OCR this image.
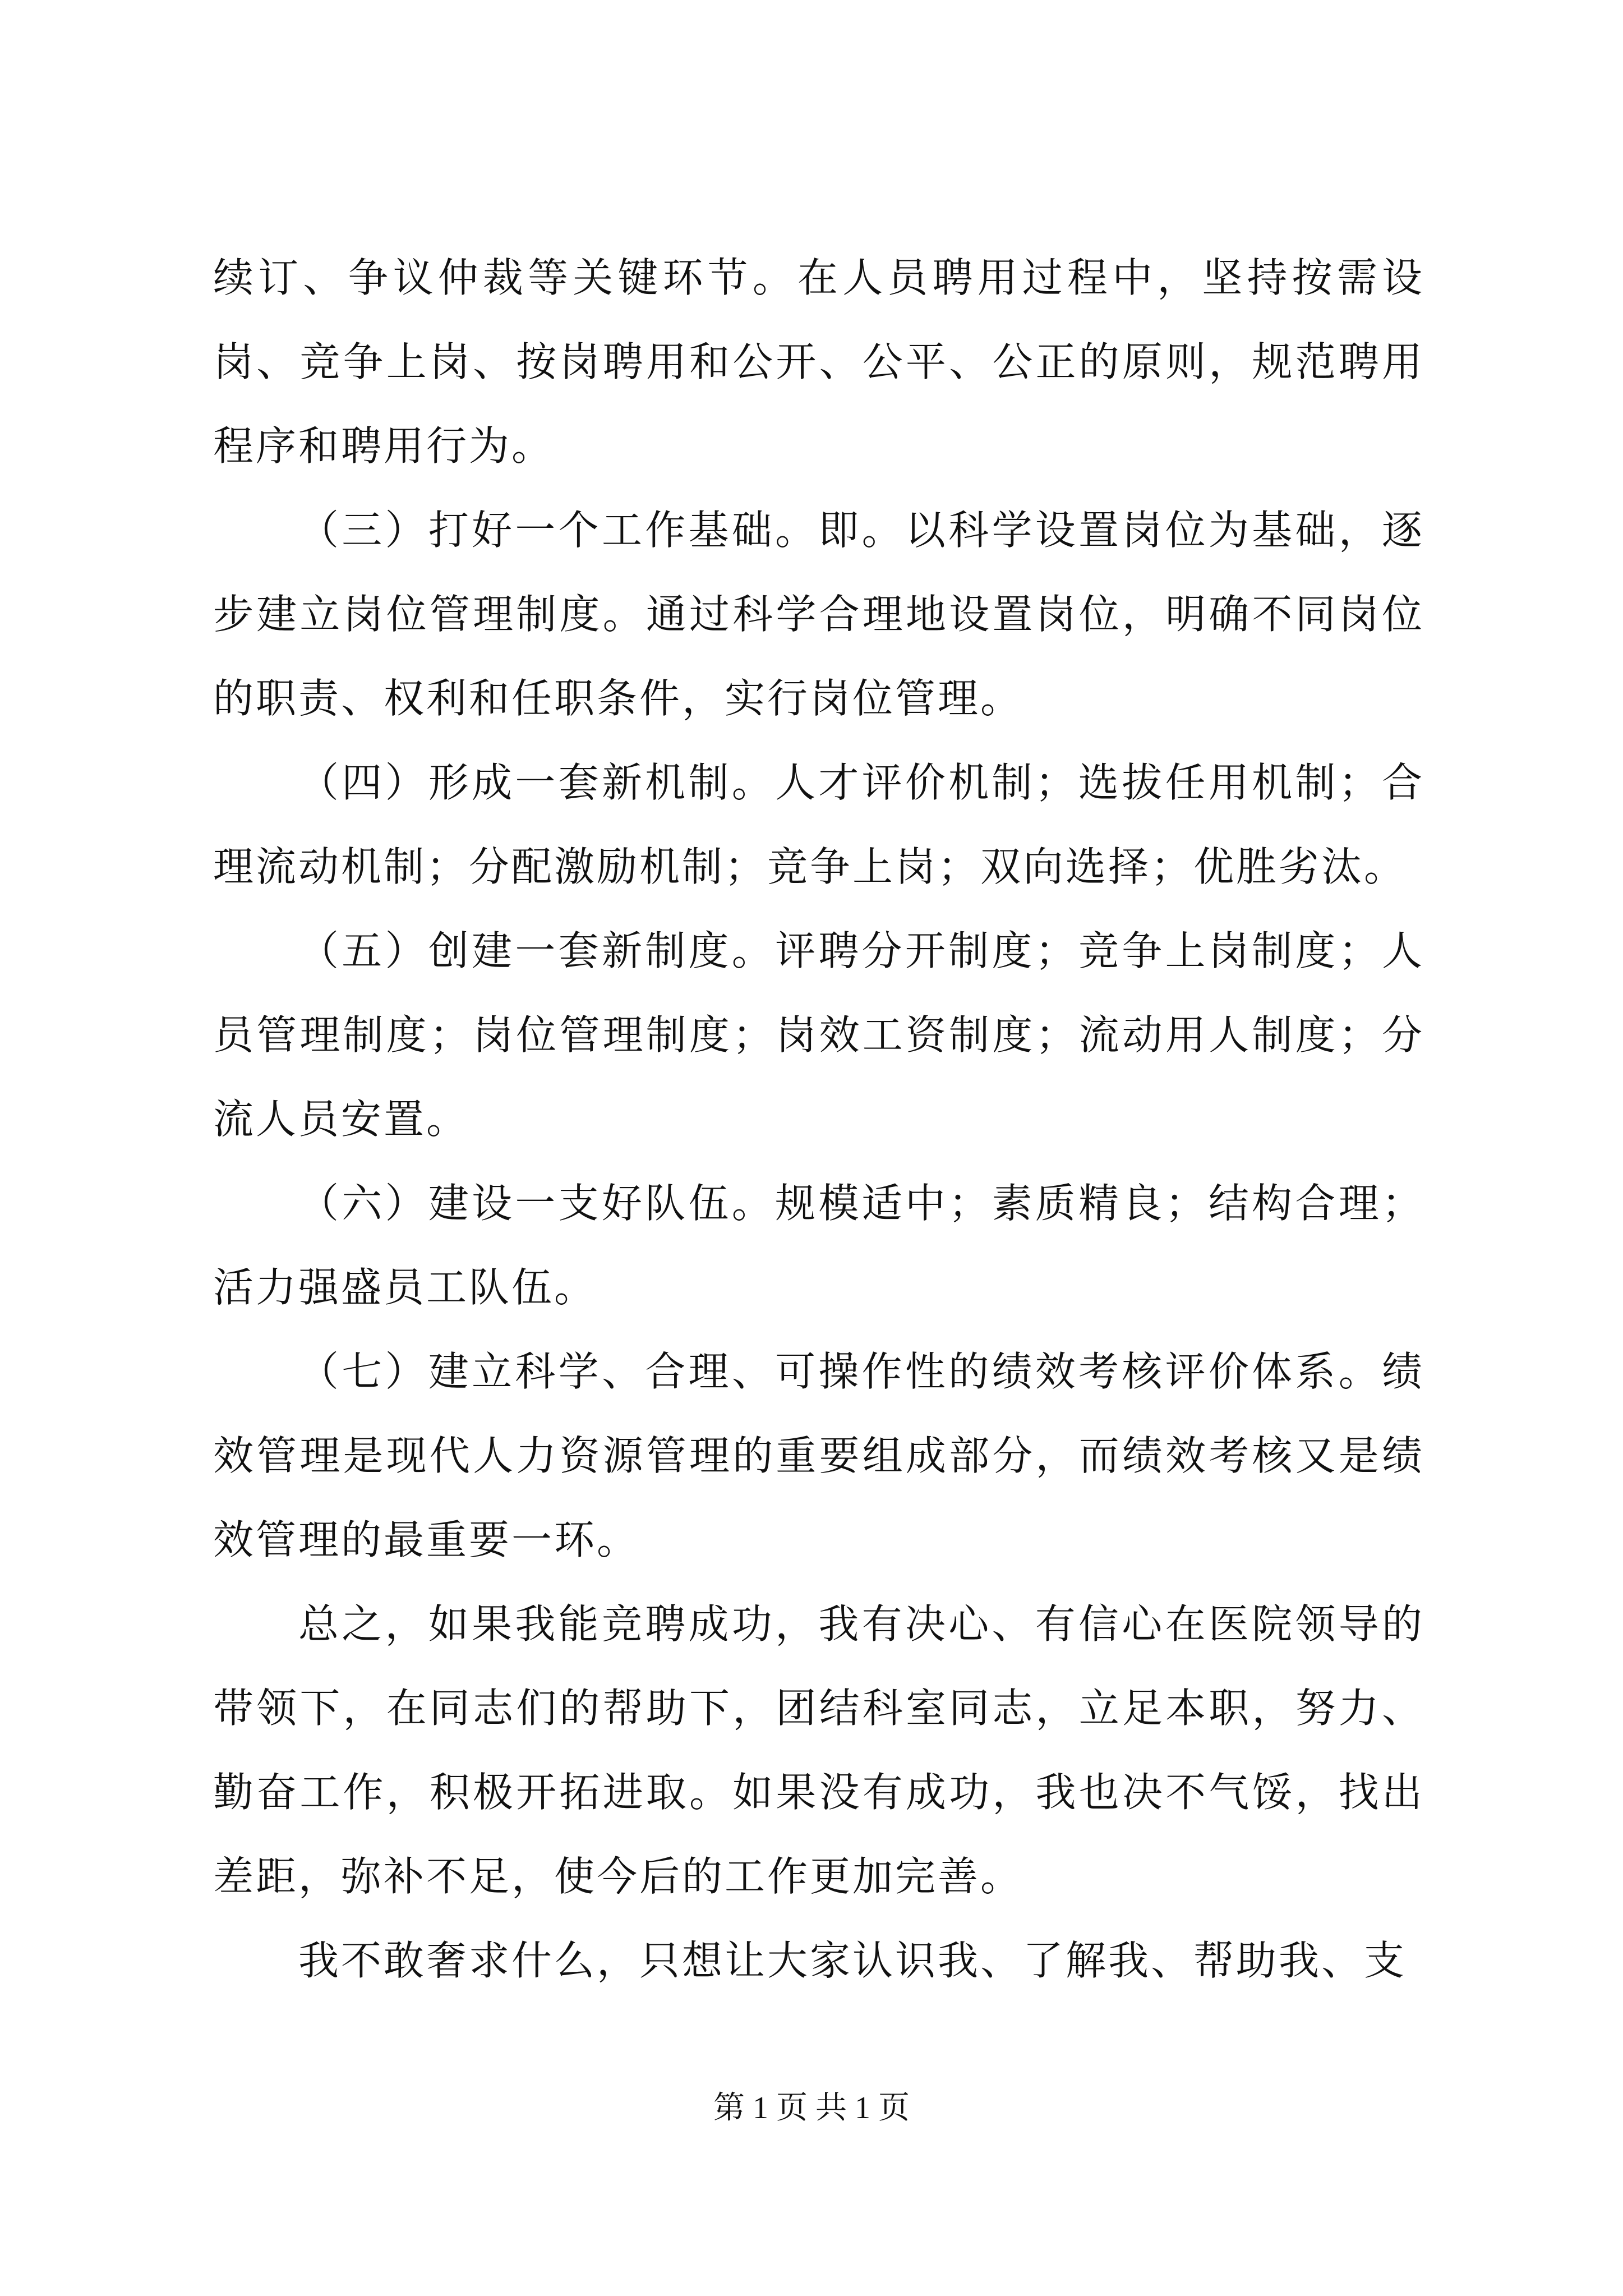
续订、争议仲裁等关键环节。在人员聘用过程中，坚持按需设岗、竞争上岗、按岗聘用和公开、公平、公正的原则，规范聘用程序和聘用行为。

（三）打好一个工作基础。即。以科学设置岗位为基础，逐步建立岗位管理制度。通过科学合理地设置岗位，明确不同岗位的职责、权利和任职条件，实行岗位管理。

（四）形成一套新机制。人才评价机制；选拔任用机制；合理流动机制；分配激励机制；竞争上岗；双向选择；优胜劣汰。

（五）创建一套新制度。评聘分开制度；竞争上岗制度；人员管理制度；岗位管理制度；岗效工资制度；流动用人制度；分流人员安置。

（六）建设一支好队伍。规模适中；素质精良；结构合理；活力强盛员工队伍。

（七）建立科学、合理、可操作性的绩效考核评价体系。绩效管理是现代人力资源管理的重要组成部分，而绩效考核又是绩效管理的最重要一环。

总之，如果我能竞聘成功，我有决心、有信心在医院领导的带领下，在同志们的帮助下，团结科室同志，立足本职，努力、勤奋工作，积极开拓进取。如果没有成功，我也决不气馁，找出差距，弥补不足，使今后的工作更加完善。

我不敢奢求什么，只想让大家认识我、了解我、帮助我、支

第 1 页 共 1 页
